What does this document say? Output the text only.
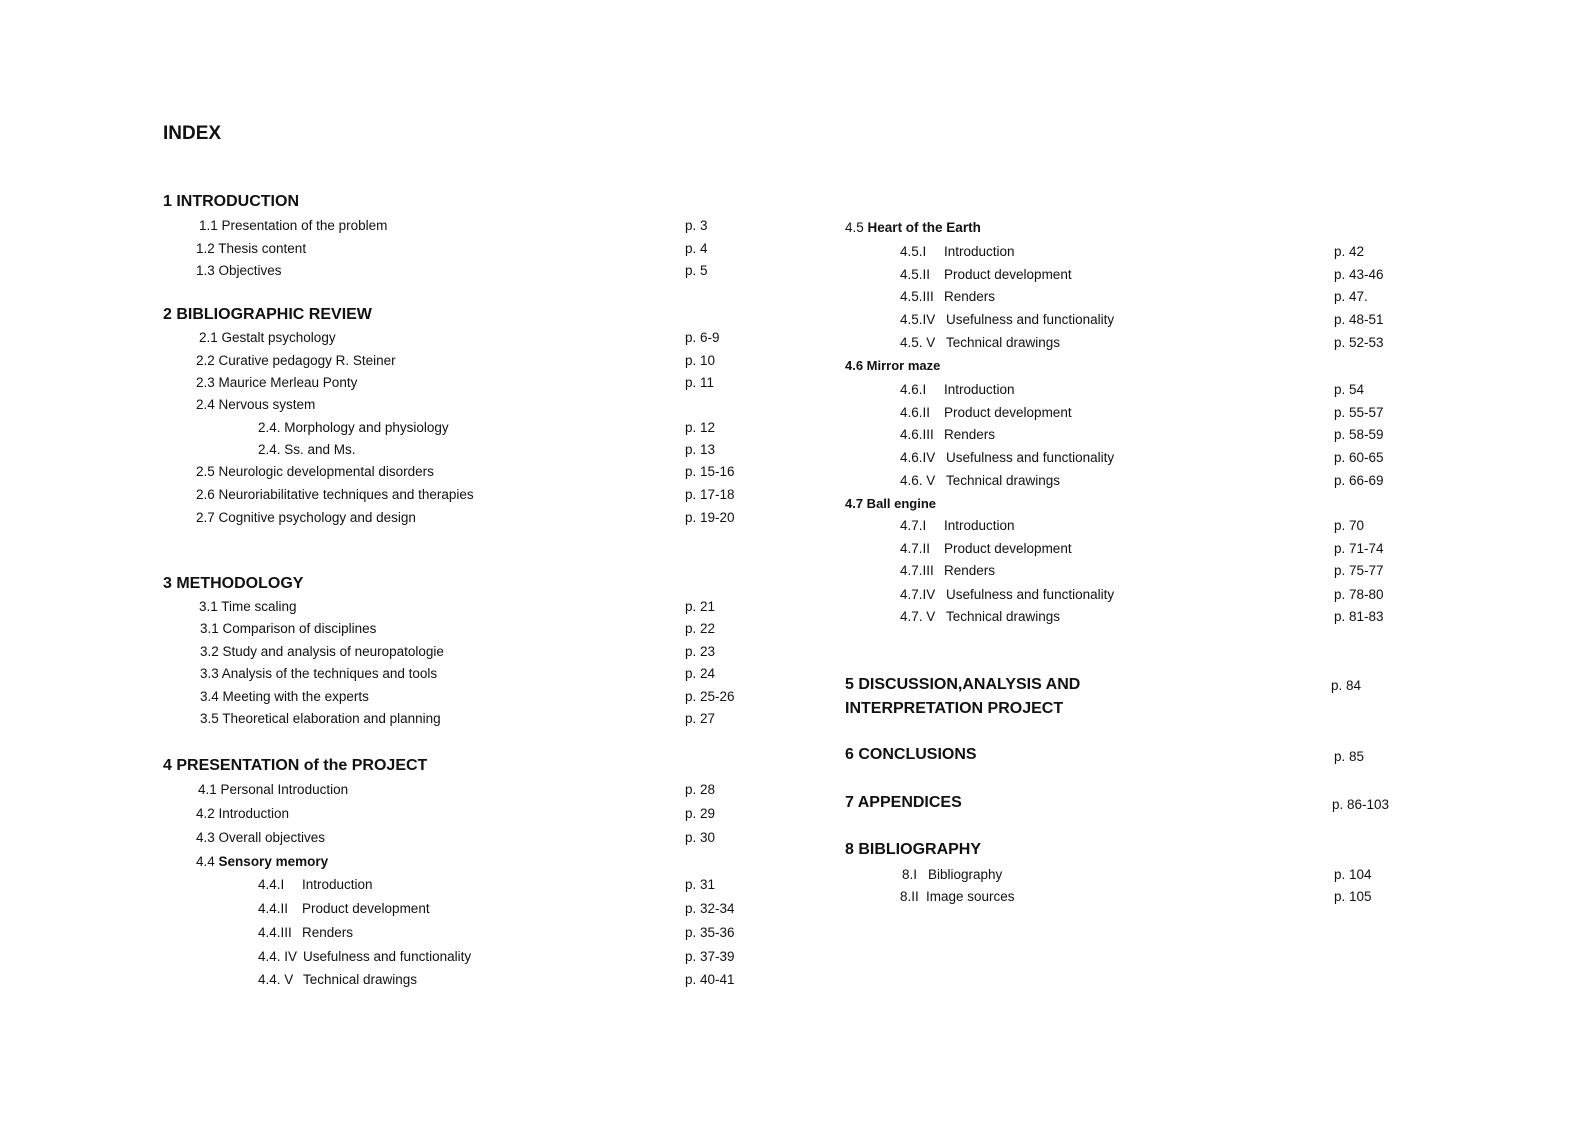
INDEX
1 INTRODUCTION
1.1 Presentation of the problem	p. 3
1.2 Thesis content	p. 4
1.3 Objectives	p. 5
2 BIBLIOGRAPHIC REVIEW
2.1 Gestalt psychology	p. 6-9
2.2 Curative pedagogy R. Steiner	p. 10
2.3 Maurice Merleau Ponty	p. 11
2.4 Nervous system
2.4. Morphology and physiology	p. 12
2.4. Ss. and Ms.	p. 13
2.5 Neurologic developmental disorders	p. 15-16
2.6 Neuroriabilitative techniques and therapies	p. 17-18
2.7 Cognitive psychology and design	p. 19-20
3 METHODOLOGY
3.1 Time scaling	p. 21
3.1 Comparison of disciplines	p. 22
3.2 Study and analysis of neuropatologie	p. 23
3.3 Analysis of the techniques and tools	p. 24
3.4 Meeting with the experts	p. 25-26
3.5 Theoretical elaboration and planning	p. 27
4 PRESENTATION of the PROJECT
4.1 Personal Introduction	p. 28
4.2 Introduction	p. 29
4.3 Overall objectives	p. 30
4.4 Sensory memory
4.4.I Introduction	p. 31
4.4.II Product development	p. 32-34
4.4.III Renders	p. 35-36
4.4. IV Usefulness and functionality	p. 37-39
4.4. V Technical drawings	p. 40-41
4.5 Heart of the Earth
4.5.I Introduction	p. 42
4.5.II Product development	p. 43-46
4.5.III Renders	p. 47.
4.5.IV Usefulness and functionality	p. 48-51
4.5. V Technical drawings	p. 52-53
4.6 Mirror maze
4.6.I Introduction	p. 54
4.6.II Product development	p. 55-57
4.6.III Renders	p. 58-59
4.6.IV Usefulness and functionality	p. 60-65
4.6. V Technical drawings	p. 66-69
4.7 Ball engine
4.7.I Introduction	p. 70
4.7.II Product development	p. 71-74
4.7.III Renders	p. 75-77
4.7.IV Usefulness and functionality	p. 78-80
4.7. V Technical drawings	p. 81-83
5 DISCUSSION,ANALYSIS AND
INTERPRETATION PROJECT
p. 84
6 CONCLUSIONS	p. 85
7 APPENDICES	p. 86-103
8 BIBLIOGRAPHY
8.I Bibliography	p. 104
8.II Image sources	p. 105
